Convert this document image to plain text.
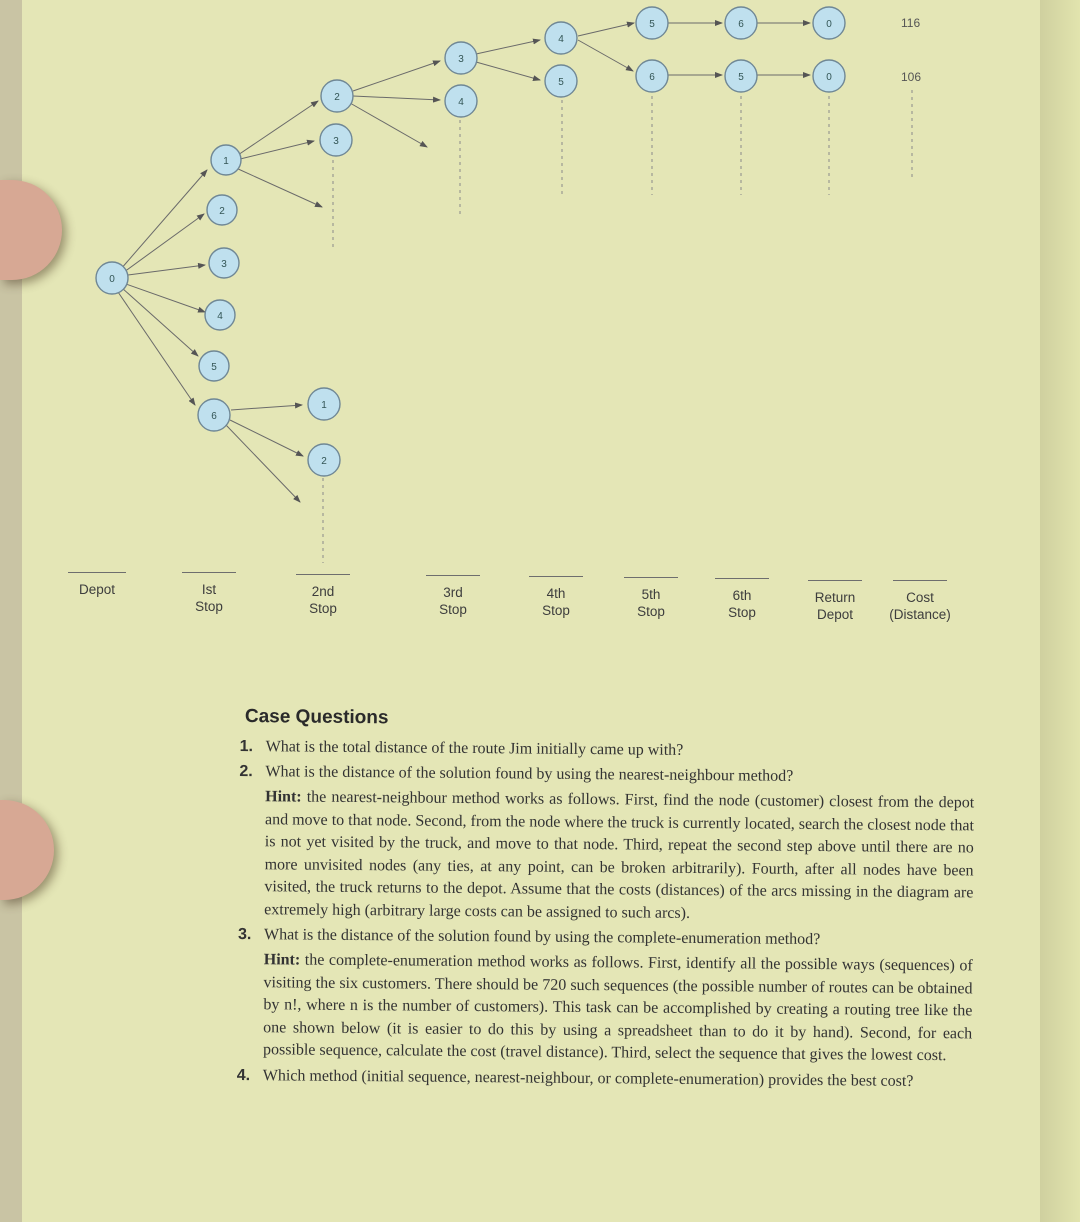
0
1
2
3
4
5
6
2
3
3
4
4
5
5
6
6
5
0
0
116
106
1
2
Depot	Ist
Stop
2nd
Stop
3rd
Stop
4th
Stop
5th
Stop
6th
Stop
Return
Depot
Cost
(Distance)
Case Questions
1. What is the total distance of the route Jim initially came up with?
2. What is the distance of the solution found by using the nearest-neighbour method?
Hint: the nearest-neighbour method works as follows. First, find the node (customer) closest from the depot and move to that node. Second, from the node where the truck is currently located, search the closest node that is not yet visited by the truck, and move to that node. Third, repeat the second step above until there are no more unvisited nodes (any ties, at any point, can be broken arbitrarily). Fourth, after all nodes have been visited, the truck returns to the depot. Assume that the costs (distances) of the arcs missing in the diagram are extremely high (arbitrary large costs can be assigned to such arcs).
3. What is the distance of the solution found by using the complete-enumeration method?
Hint: the complete-enumeration method works as follows. First, identify all the possible ways (sequences) of visiting the six customers. There should be 720 such sequences (the possible number of routes can be obtained by n!, where n is the number of customers). This task can be accomplished by creating a routing tree like the one shown below (it is easier to do this by using a spreadsheet than to do it by hand). Second, for each possible sequence, calculate the cost (travel distance). Third, select the sequence that gives the lowest cost.
4. Which method (initial sequence, nearest-neighbour, or complete-enumeration) provides the best cost?
